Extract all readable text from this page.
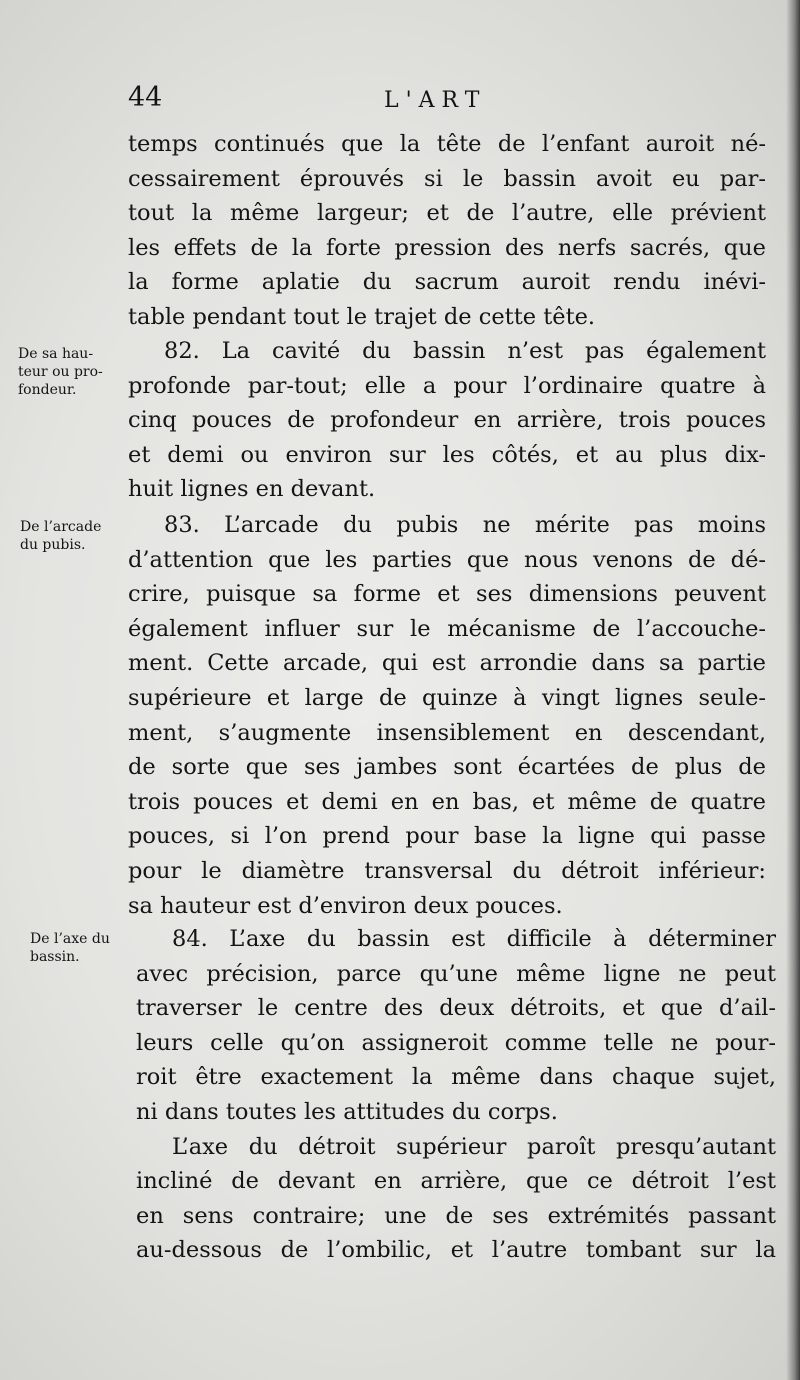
44	L'ART
temps continués que la tête de l’enfant auroit né-
cessairement éprouvés si le bassin avoit eu par-
tout la même largeur; et de l’autre, elle prévient
les effets de la forte pression des nerfs sacrés, que
la forme aplatie du sacrum auroit rendu inévi-
table pendant tout le trajet de cette tête.
De sa hau-
teur ou pro-
fondeur.
82. La cavité du bassin n’est pas également
profonde par-tout; elle a pour l’ordinaire quatre à
cinq pouces de profondeur en arrière, trois pouces
et demi ou environ sur les côtés, et au plus dix-
huit lignes en devant.
De l’arcade
du pubis.
83. L’arcade du pubis ne mérite pas moins
d’attention que les parties que nous venons de dé-
crire, puisque sa forme et ses dimensions peuvent
également influer sur le mécanisme de l’accouche-
ment. Cette arcade, qui est arrondie dans sa partie
supérieure et large de quinze à vingt lignes seule-
ment, s’augmente insensiblement en descendant,
de sorte que ses jambes sont écartées de plus de
trois pouces et demi en en bas, et même de quatre
pouces, si l’on prend pour base la ligne qui passe
pour le diamètre transversal du détroit inférieur:
sa hauteur est d’environ deux pouces.
De l’axe du
bassin.
84. L’axe du bassin est difficile à déterminer
avec précision, parce qu’une même ligne ne peut
traverser le centre des deux détroits, et que d’ail-
leurs celle qu’on assigneroit comme telle ne pour-
roit être exactement la même dans chaque sujet,
ni dans toutes les attitudes du corps.
L’axe du détroit supérieur paroît presqu’autant
incliné de devant en arrière, que ce détroit l’est
en sens contraire; une de ses extrémités passant
au-dessous de l’ombilic, et l’autre tombant sur la
